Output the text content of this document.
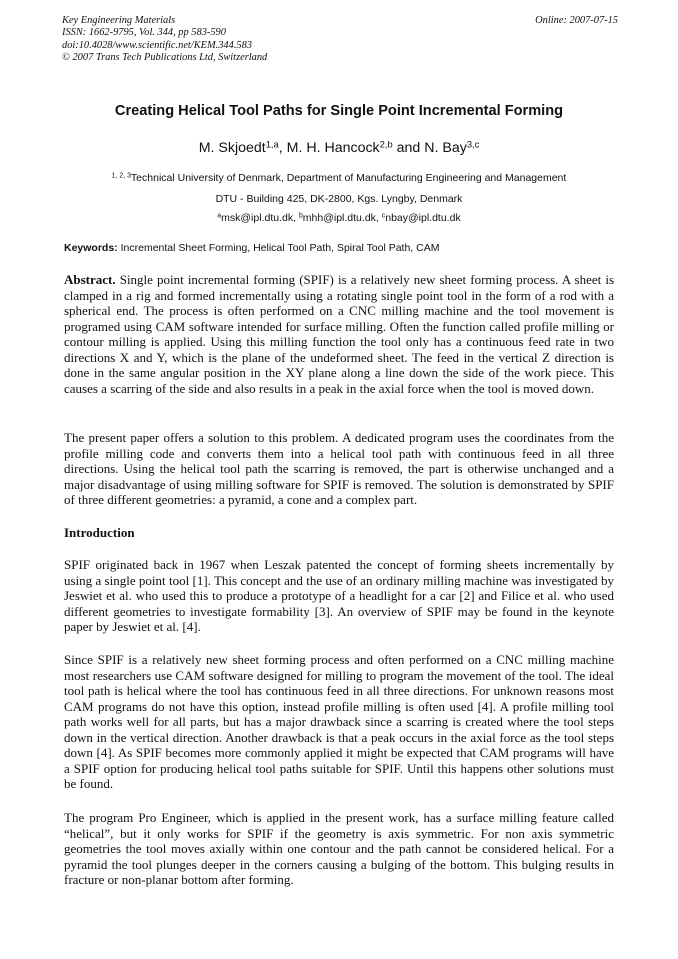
Key Engineering Materials
ISSN: 1662-9795, Vol. 344, pp 583-590
doi:10.4028/www.scientific.net/KEM.344.583
© 2007 Trans Tech Publications Ltd, Switzerland
Online: 2007-07-15
Creating Helical Tool Paths for Single Point Incremental Forming
M. Skjoedt$^{1,a}$, M. H. Hancock$^{2,b}$ and N. Bay$^{3,c}$
$^{1, 2, 3}$Technical University of Denmark, Department of Manufacturing Engineering and Management
DTU - Building 425, DK-2800, Kgs. Lyngby, Denmark
$^a$msk@ipl.dtu.dk, $^b$mhh@ipl.dtu.dk, $^c$nbay@ipl.dtu.dk
Keywords: Incremental Sheet Forming, Helical Tool Path, Spiral Tool Path, CAM

Abstract. Single point incremental forming (SPIF) is a relatively new sheet forming process. A sheet is clamped in a rig and formed incrementally using a rotating single point tool in the form of a rod with a spherical end. The process is often performed on a CNC milling machine and the tool movement is programed using CAM software intended for surface milling. Often the function called profile milling or contour milling is applied. Using this milling function the tool only has a continuous feed rate in two directions X and Y, which is the plane of the undeformed sheet. The feed in the vertical Z direction is done in the same angular position in the XY plane along a line down the side of the work piece. This causes a scarring of the side and also results in a peak in the axial force when the tool is moved down.

The present paper offers a solution to this problem. A dedicated program uses the coordinates from the profile milling code and converts them into a helical tool path with continuous feed in all three directions. Using the helical tool path the scarring is removed, the part is otherwise unchanged and a major disadvantage of using milling software for SPIF is removed. The solution is demonstrated by SPIF of three different geometries: a pyramid, a cone and a complex part.

Introduction

SPIF originated back in 1967 when Leszak patented the concept of forming sheets incrementally by using a single point tool [1]. This concept and the use of an ordinary milling machine was investigated by Jeswiet et al. who used this to produce a prototype of a headlight for a car [2] and Filice et al. who used different geometries to investigate formability [3]. An overview of SPIF may be found in the keynote paper by Jeswiet et al. [4].

Since SPIF is a relatively new sheet forming process and often performed on a CNC milling machine most researchers use CAM software designed for milling to program the movement of the tool. The ideal tool path is helical where the tool has continuous feed in all three directions. For unknown reasons most CAM programs do not have this option, instead profile milling is often used [4]. A profile milling tool path works well for all parts, but has a major drawback since a scarring is created where the tool steps down in the vertical direction. Another drawback is that a peak occurs in the axial force as the tool steps down [4]. As SPIF becomes more commonly applied it might be expected that CAM programs will have a SPIF option for producing helical tool paths suitable for SPIF. Until this happens other solutions must be found.

The program Pro Engineer, which is applied in the present work, has a surface milling feature called “helical”, but it only works for SPIF if the geometry is axis symmetric. For non axis symmetric geometries the tool moves axially within one contour and the path cannot be considered helical. For a pyramid the tool plunges deeper in the corners causing a bulging of the bottom. This bulging results in fracture or non-planar bottom after forming.
